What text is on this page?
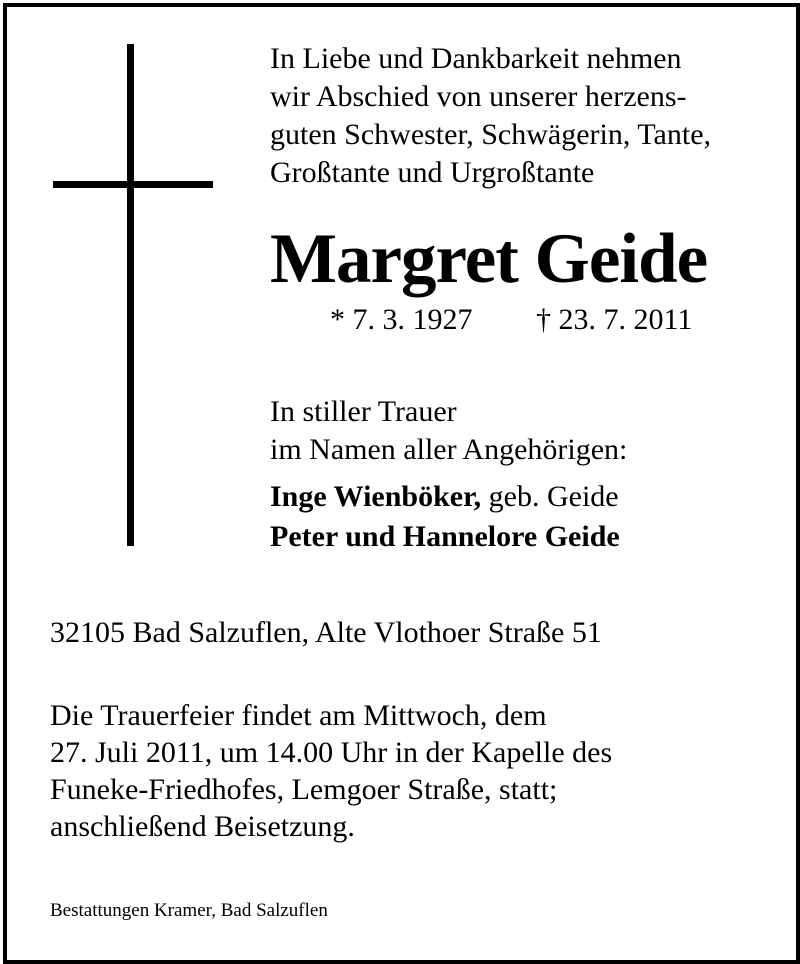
In Liebe und Dankbarkeit nehmen
wir Abschied von unserer herzens-
guten Schwester, Schwägerin, Tante,
Großtante und Urgroßtante
Margret Geide
* 7. 3. 1927 † 23. 7. 2011
In stiller Trauer
im Namen aller Angehörigen:
Inge Wienböker, geb. Geide
Peter und Hannelore Geide
32105 Bad Salzuflen, Alte Vlothoer Straße 51
Die Trauerfeier findet am Mittwoch, dem
27. Juli 2011, um 14.00 Uhr in der Kapelle des
Funeke-Friedhofes, Lemgoer Straße, statt;
anschließend Beisetzung.
Bestattungen Kramer, Bad Salzuflen
